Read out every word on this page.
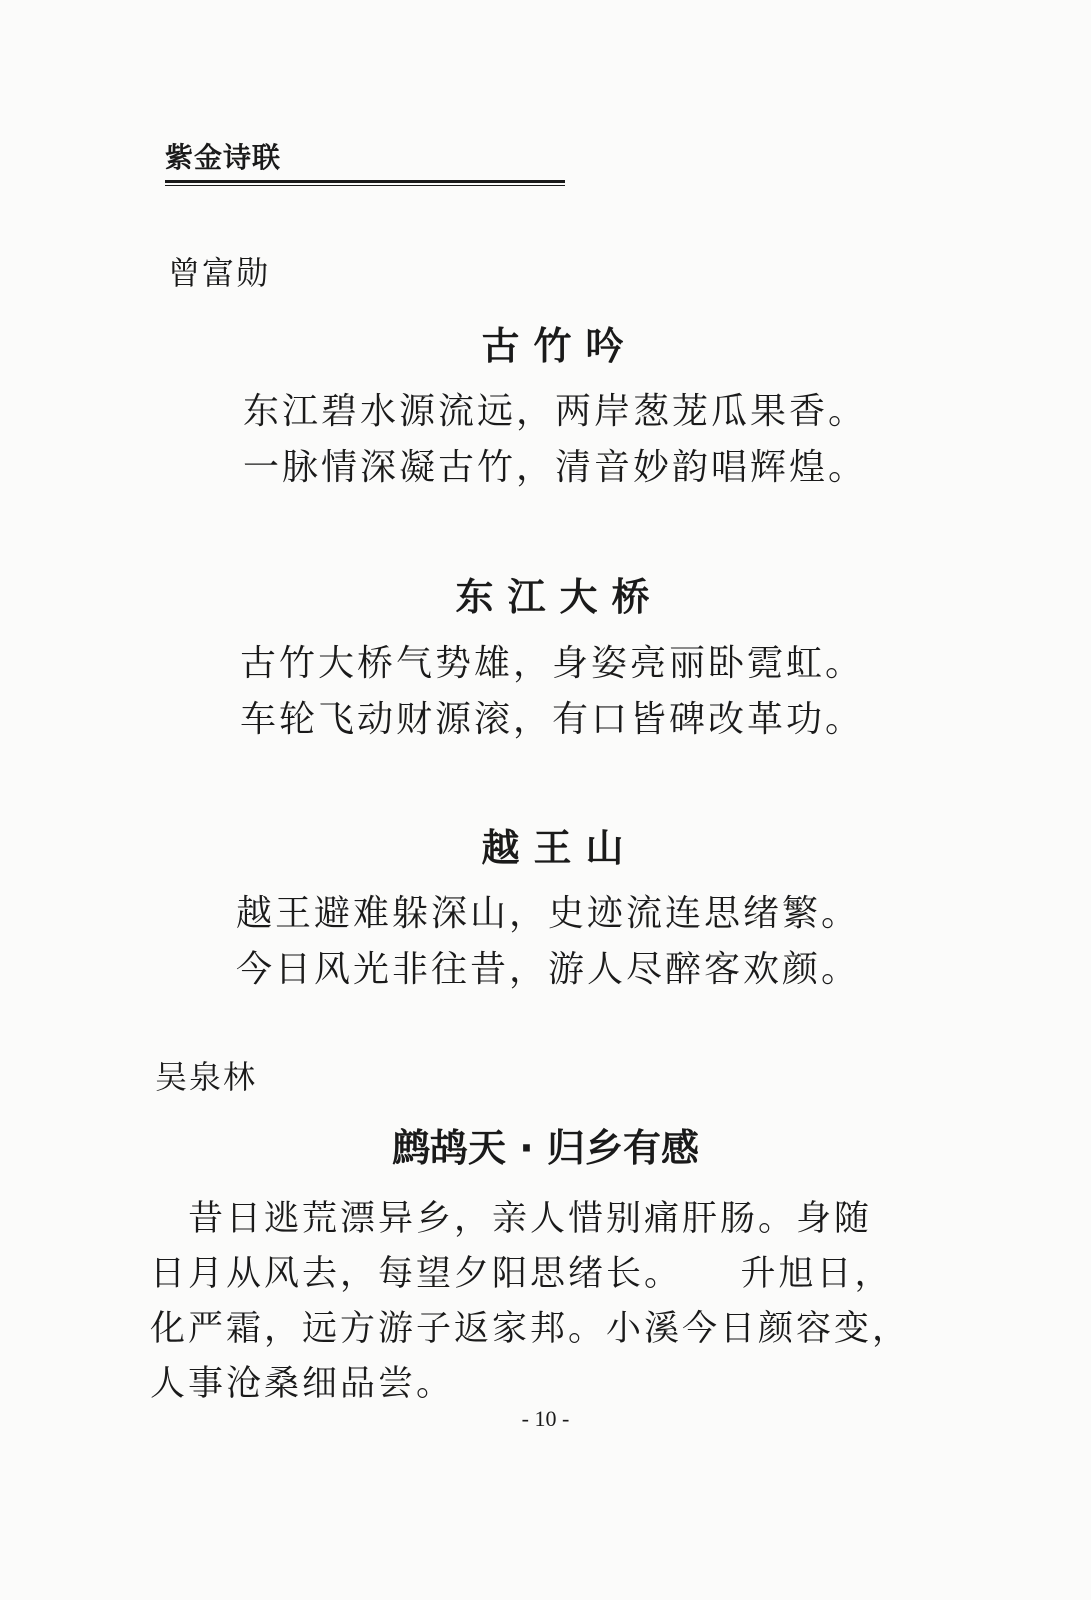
紫金诗联
曾富勋
古竹吟
东江碧水源流远，两岸葱茏瓜果香。
一脉情深凝古竹，清音妙韵唱辉煌。
东江大桥
古竹大桥气势雄，身姿亮丽卧霓虹。
车轮飞动财源滚，有口皆碑改革功。
越王山
越王避难躲深山，史迹流连思绪繁。
今日风光非往昔，游人尽醉客欢颜。
吴泉林
鹧鸪天 · 归乡有感
　昔日逃荒漂异乡，亲人惜别痛肝肠。身随
日月从风去，每望夕阳思绪长。　　升旭日，
化严霜，远方游子返家邦。小溪今日颜容变，
人事沧桑细品尝。
- 10 -
